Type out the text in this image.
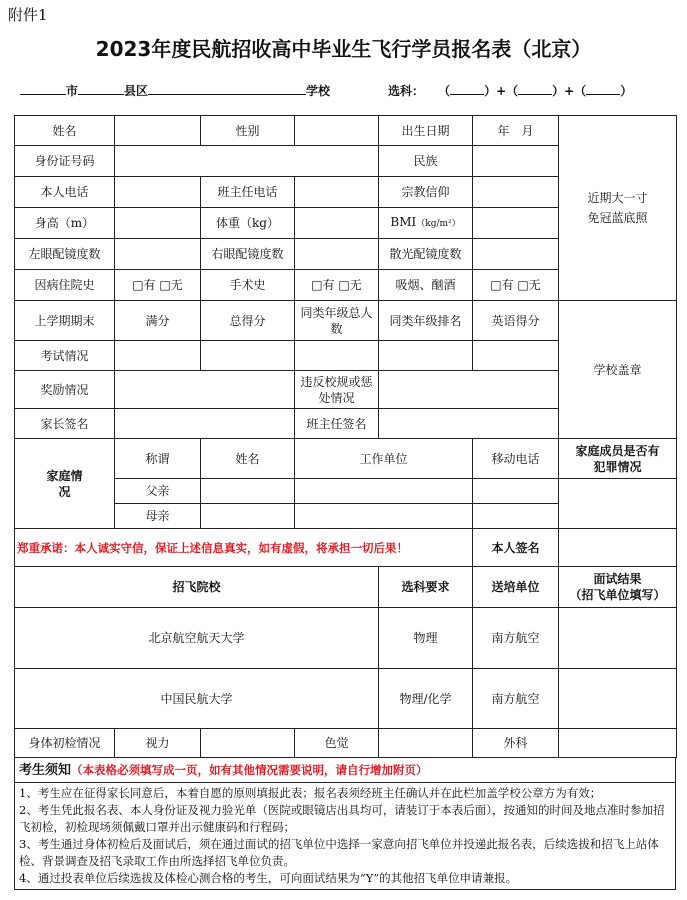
附件1
2023年度民航招收高中毕业生飞行学员报名表（北京）
市	县区	学校	选科： （	）+（	）+（	）
姓名		性别		出生日期	年　月	近期大一寸
免冠蓝底照
身份证号码				民族		
本人电话		班主任电话		宗教信仰		
身高（m）		体重（kg）		BMI（kg/m²）		
左眼配镜度数		右眼配镜度数		散光配镜度数		
因病住院史	□有 □无	手术史	□有 □无	吸烟、酗酒	□有 □无	
上学期期末	满分	总得分	同类年级总人数	同类年级排名	英语得分	学校盖章
考试情况						
奖励情况			违反校规或惩处情况			
家长签名			班主任签名			
家庭情况	称谓	姓名	工作单位	移动电话	家庭成员是否有犯罪情况
	父亲				
	母亲				
郑重承诺：本人诚实守信，保证上述信息真实，如有虚假，将承担一切后果！				本人签名	
招飞院校	选科要求	送培单位	面试结果
（招飞单位填写）
北京航空航天大学	物理	南方航空	
中国民航大学	物理/化学	南方航空	
身体初检情况	视力		色觉		外科	
考生须知（本表格必须填写成一页，如有其他情况需要说明，请自行增加附页）

1、考生应在征得家长同意后，本着自愿的原则填报此表；报名表须经班主任确认并在此栏加盖学校公章方为有效；
2、考生凭此报名表、本人身份证及视力验光单（医院或眼镜店出具均可，请装订于本表后面），按通知的时间及地点准时参加招飞初检，初检现场须佩戴口罩并出示健康码和行程码；
3、考生通过身体初检后及面试后，须在通过面试的招飞单位中选择一家意向招飞单位并投递此报名表，后续选拔和招飞上站体检、背景调查及招飞录取工作由所选择招飞单位负责。
4、通过投表单位后续选拔及体检心测合格的考生，可向面试结果为“Y”的其他招飞单位申请兼报。
